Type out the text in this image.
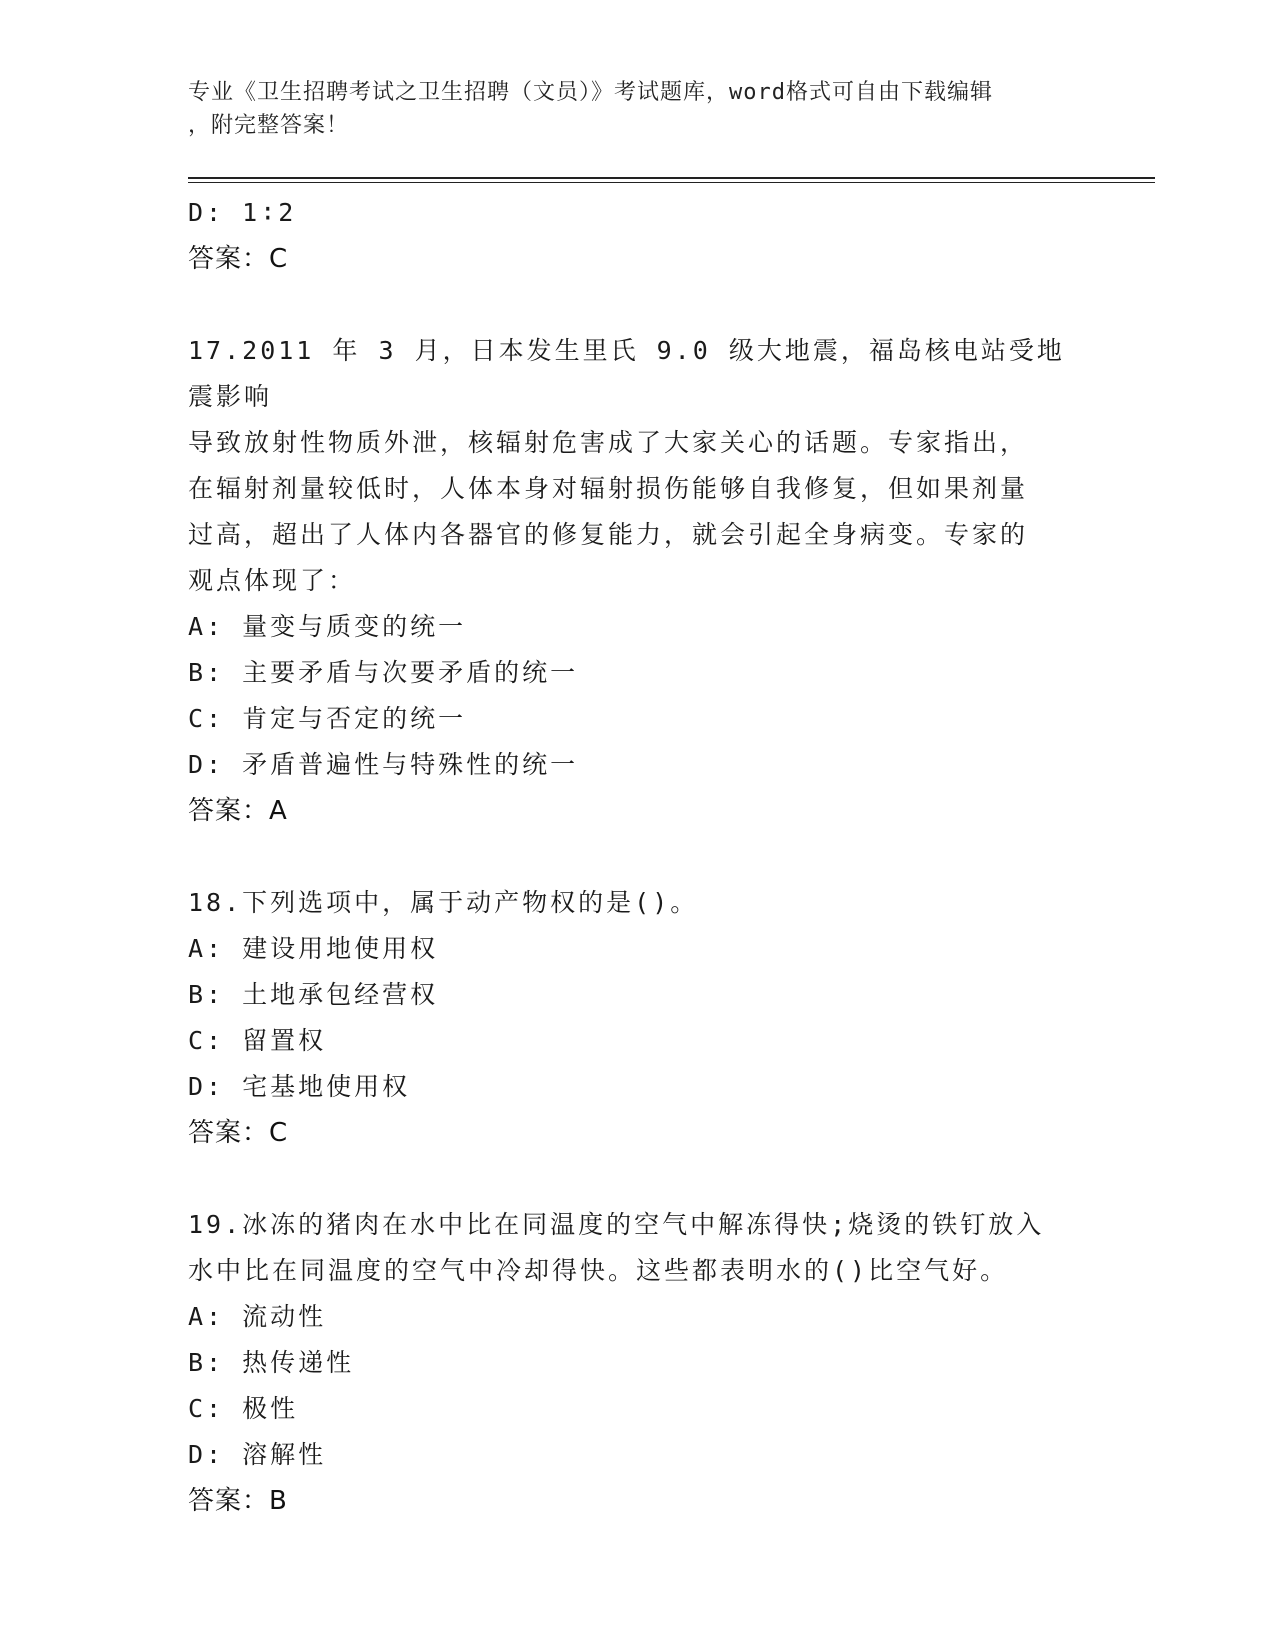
专业《卫生招聘考试之卫生招聘（文员）》考试题库，word格式可自由下载编辑
，附完整答案！
D: 1∶2
答案：C
17.2011 年 3 月，日本发生里氏 9.0 级大地震，福岛核电站受地震影响
导致放射性物质外泄，核辐射危害成了大家关心的话题。专家指出，
在辐射剂量较低时，人体本身对辐射损伤能够自我修复，但如果剂量
过高，超出了人体内各器官的修复能力，就会引起全身病变。专家的
观点体现了：
A: 量变与质变的统一
B: 主要矛盾与次要矛盾的统一
C: 肯定与否定的统一
D: 矛盾普遍性与特殊性的统一
答案：A
18.下列选项中，属于动产物权的是()。
A: 建设用地使用权
B: 土地承包经营权
C: 留置权
D: 宅基地使用权
答案：C
19.冰冻的猪肉在水中比在同温度的空气中解冻得快;烧烫的铁钉放入
水中比在同温度的空气中冷却得快。这些都表明水的()比空气好。
A: 流动性
B: 热传递性
C: 极性
D: 溶解性
答案：B
